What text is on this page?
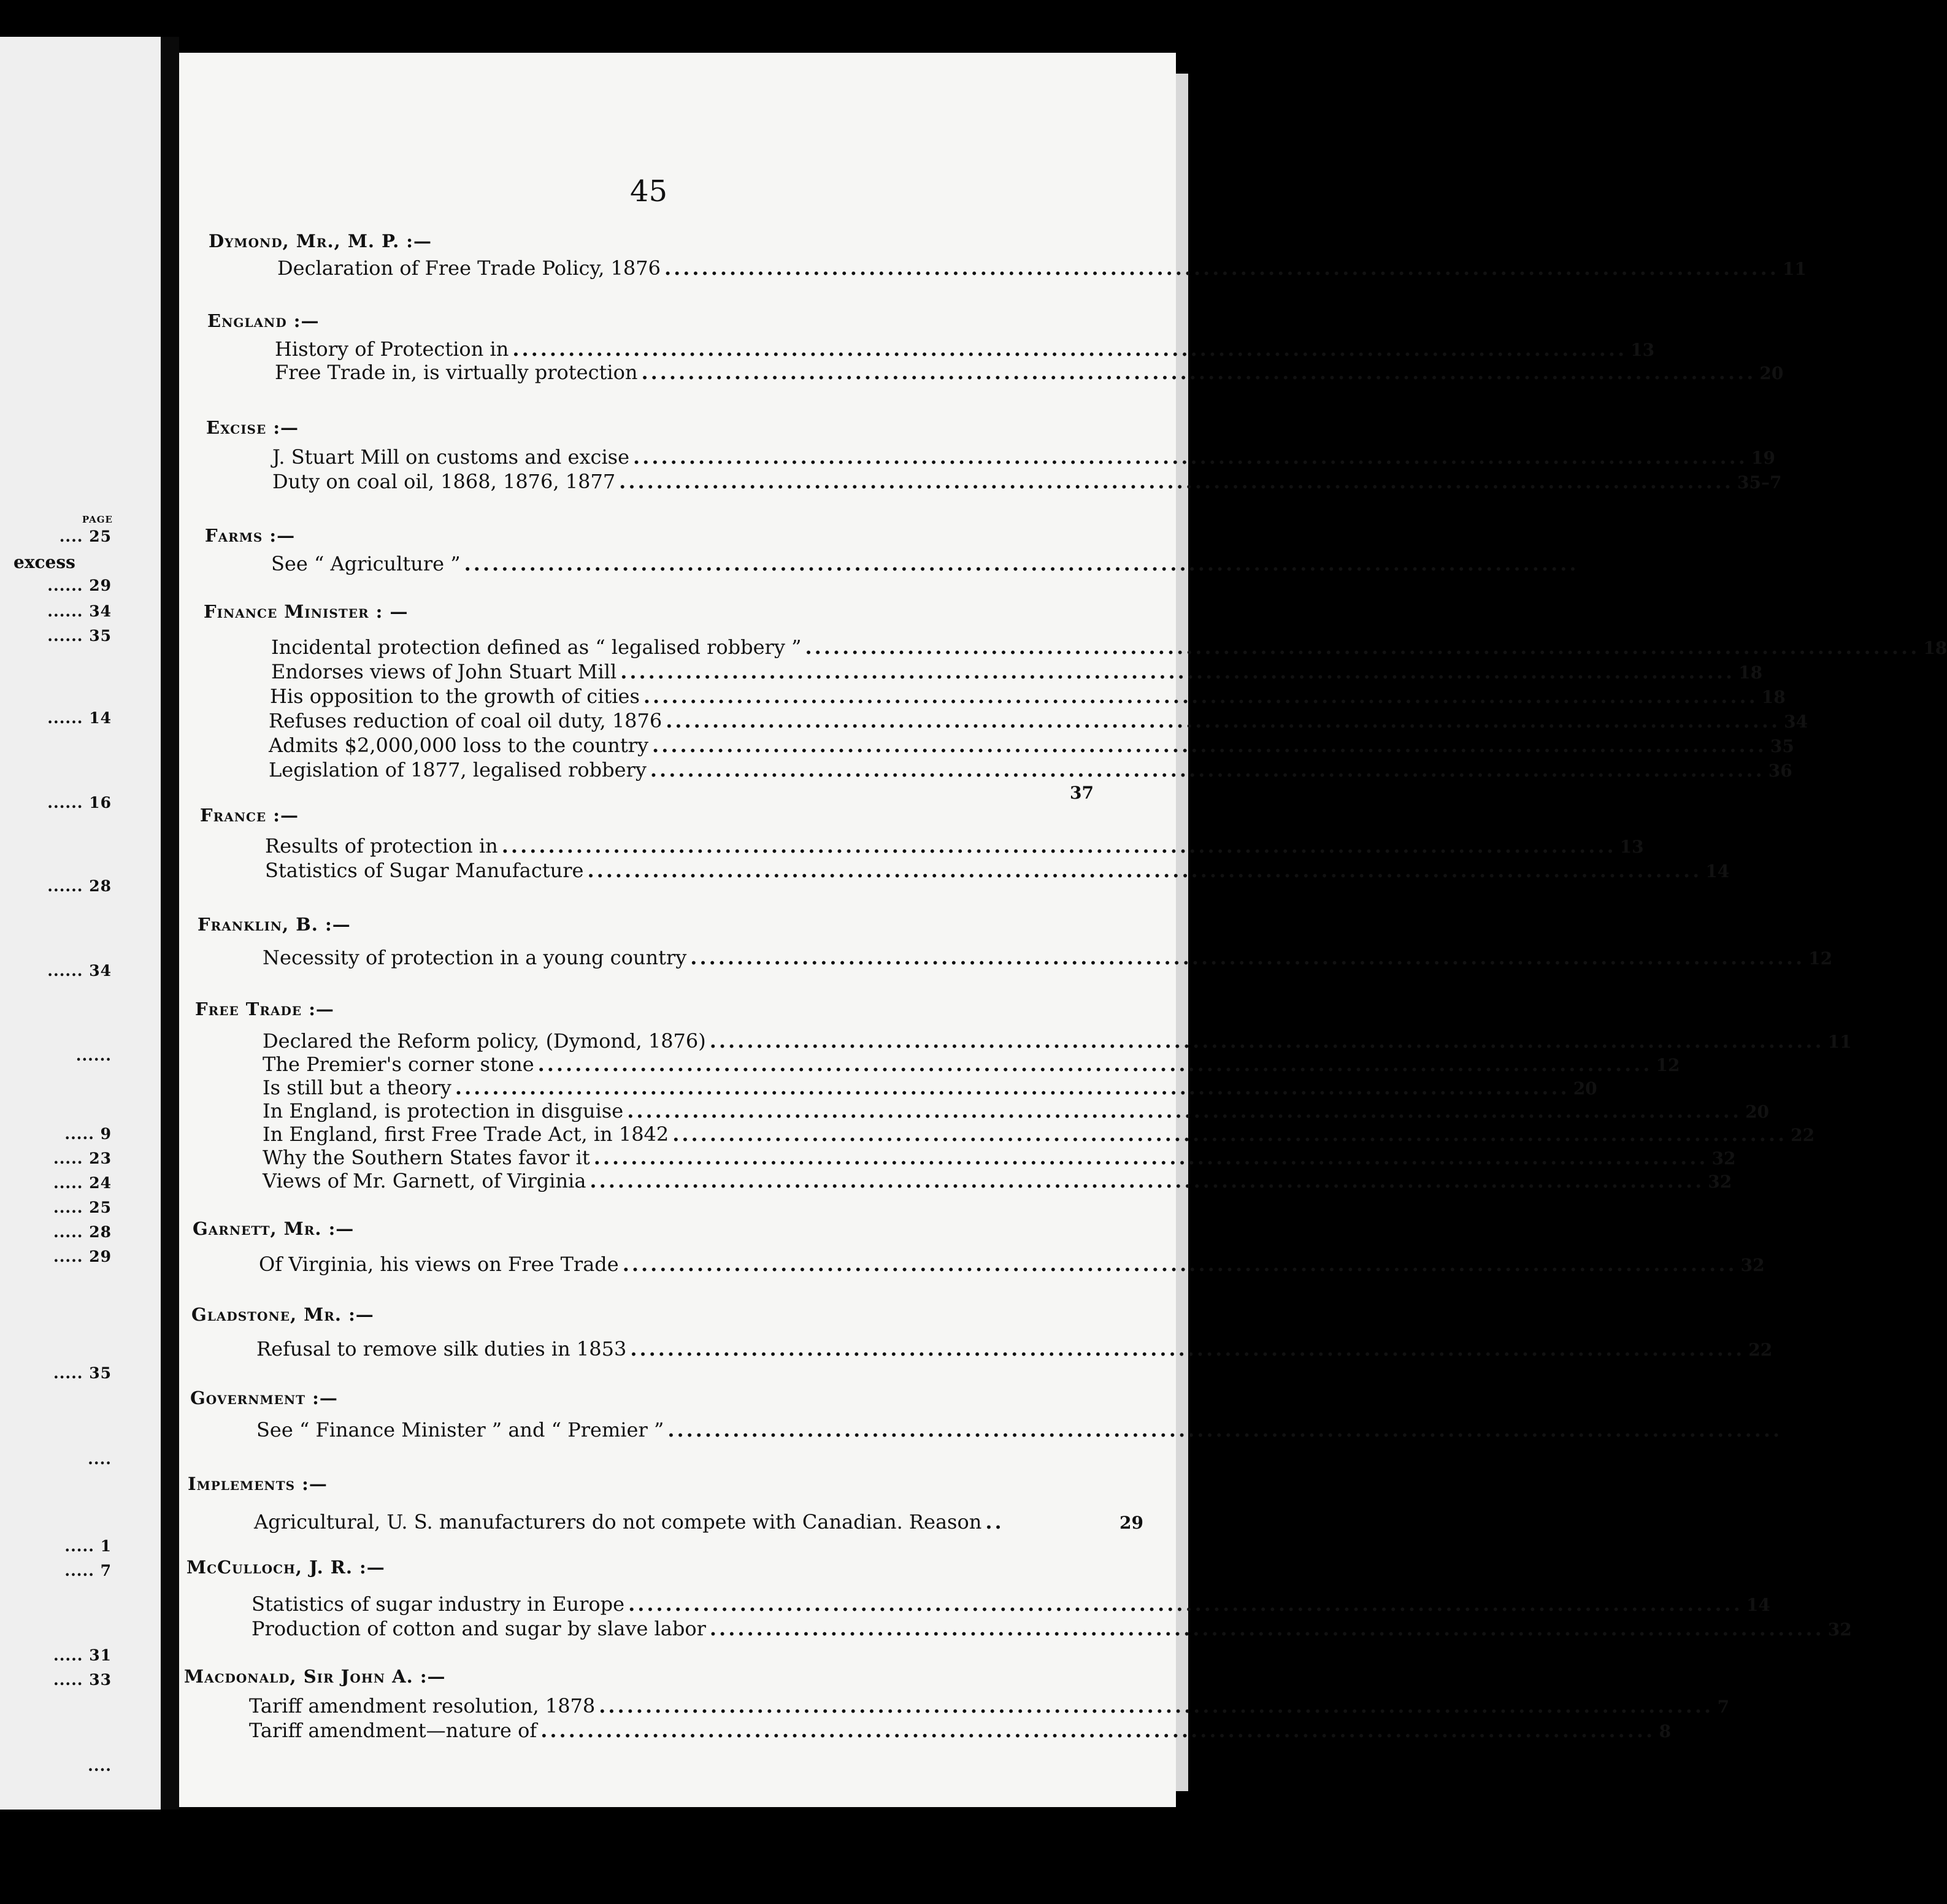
PAGE
excess
.... 25
...... 29
...... 34
...... 35
...... 14
...... 16
...... 28
...... 34
......
..... 9
..... 23
..... 24
..... 25
..... 28
..... 29
..... 35
....
..... 1
..... 7
..... 31
..... 33
....
45
Dymond, Mr., M. P. :—
Declaration of Free Trade Policy, 1876 ........................................................................................................................ 11
England :—
History of Protection in ........................................................................................................................ 13
Free Trade in, is virtually protection ........................................................................................................................ 20
Excise :—
J. Stuart Mill on customs and excise ........................................................................................................................ 19
Duty on coal oil, 1868, 1876, 1877 ........................................................................................................................ 35–7
Farms :—
See “ Agriculture ” ........................................................................................................................
Finance Minister : —
Incidental protection defined as “ legalised robbery ” ........................................................................................................................ 18
Endorses views of John Stuart Mill ........................................................................................................................ 18
His opposition to the growth of cities ........................................................................................................................ 18
Refuses reduction of coal oil duty, 1876 ........................................................................................................................ 34
Admits $2,000,000 loss to the country ........................................................................................................................ 35
Legislation of 1877, legalised robbery ........................................................................................................................ 36
37
France :—
Results of protection in ........................................................................................................................ 13
Statistics of Sugar Manufacture ........................................................................................................................ 14
Franklin, B. :—
Necessity of protection in a young country ........................................................................................................................ 12
Free Trade :—
Declared the Reform policy, (Dymond, 1876) ........................................................................................................................ 11
The Premier's corner stone ........................................................................................................................ 12
Is still but a theory ........................................................................................................................ 20
In England, is protection in disguise ........................................................................................................................ 20
In England, first Free Trade Act, in 1842 ........................................................................................................................ 22
Why the Southern States favor it ........................................................................................................................ 32
Views of Mr. Garnett, of Virginia ........................................................................................................................ 32
Garnett, Mr. :—
Of Virginia, his views on Free Trade ........................................................................................................................ 32
Gladstone, Mr. :—
Refusal to remove silk duties in 1853 ........................................................................................................................ 22
Government :—
See “ Finance Minister ” and “ Premier ” ........................................................................................................................
Implements :—
Agricultural, U. S. manufacturers do not compete with Canadian. Reason ..	29
McCulloch, J. R. :—
Statistics of sugar industry in Europe ........................................................................................................................ 14
Production of cotton and sugar by slave labor ........................................................................................................................ 32
Macdonald, Sir John A. :—
Tariff amendment resolution, 1878 ........................................................................................................................ 7
Tariff amendment—nature of ........................................................................................................................ 8
